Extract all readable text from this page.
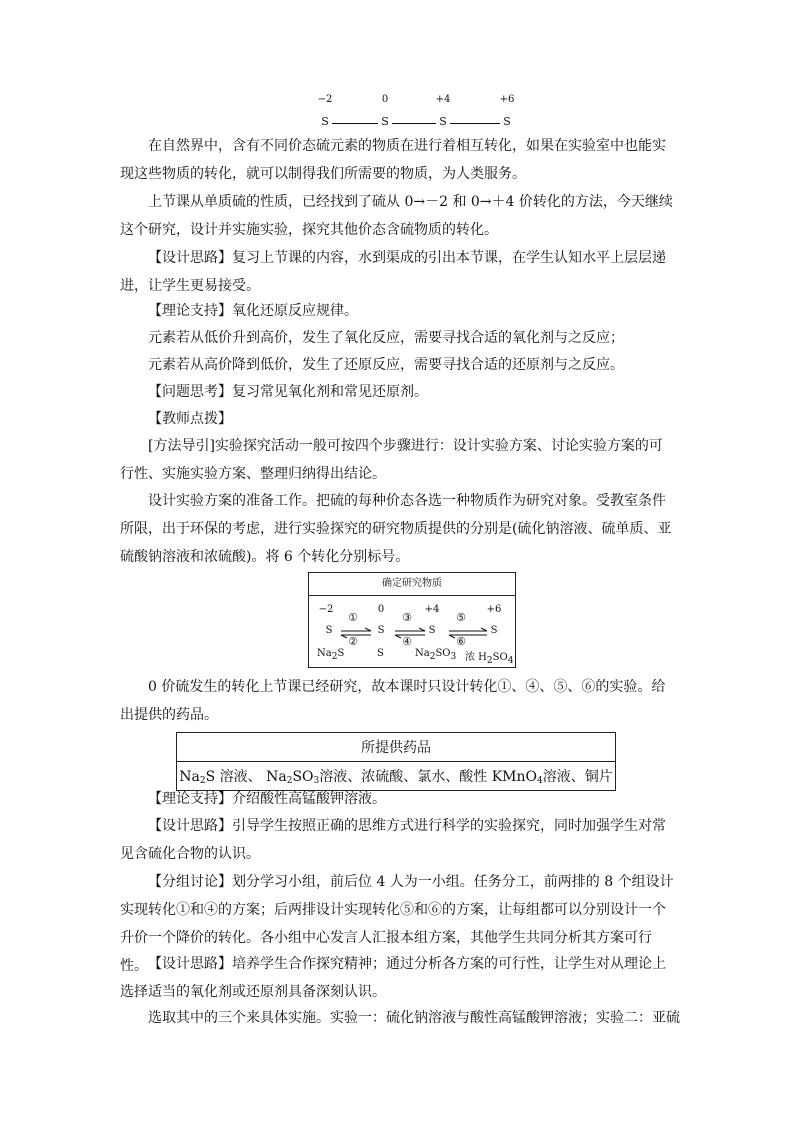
−2	0	+4	+6
S	S	S	S

在自然界中，含有不同价态硫元素的物质在进行着相互转化，如果在实验室中也能实现这些物质的转化，就可以制得我们所需要的物质，为人类服务。

上节课从单质硫的性质，已经找到了硫从 0→－2 和 0→＋4 价转化的方法，今天继续这个研究，设计并实施实验，探究其他价态含硫物质的转化。

【设计思路】复习上节课的内容，水到渠成的引出本节课，在学生认知水平上层层递进，让学生更易接受。

【理论支持】氧化还原反应规律。

元素若从低价升到高价，发生了氧化反应，需要寻找合适的氧化剂与之反应；

元素若从高价降到低价，发生了还原反应，需要寻找合适的还原剂与之反应。

【问题思考】复习常见氧化剂和常见还原剂。

【教师点拨】

[方法导引]实验探究活动一般可按四个步骤进行：设计实验方案、讨论实验方案的可行性、实施实验方案、整理归纳得出结论。

设计实验方案的准备工作。把硫的每种价态各选一种物质作为研究对象。受教室条件所限，出于环保的考虑，进行实验探究的研究物质提供的分别是(硫化钠溶液、硫单质、亚硫酸钠溶液和浓硫酸)。将 6 个转化分别标号。

确定研究物质
−2	0	+4	+6
S	S	S	S
①	③	⑤
②	④	⑥
$Na_2S$	S	$Na_2SO_3$ 浓 $H_2SO_4$

0 价硫发生的转化上节课已经研究，故本课时只设计转化①、④、⑤、⑥的实验。给出提供的药品。

所提供药品
$Na_2S$ 溶液、 $Na_2SO_3$溶液、浓硫酸、氯水、酸性 KMnO$_4$溶液、铜片

【理论支持】介绍酸性高锰酸钾溶液。

【设计思路】引导学生按照正确的思维方式进行科学的实验探究，同时加强学生对常见含硫化合物的认识。

【分组讨论】划分学习小组，前后位 4 人为一小组。任务分工，前两排的 8 个组设计实现转化①和④的方案；后两排设计实现转化⑤和⑥的方案，让每组都可以分别设计一个升价一个降价的转化。各小组中心发言人汇报本组方案，其他学生共同分析其方案可行性。 【设计思路】培养学生合作探究精神；通过分析各方案的可行性，让学生对从理论上选择适当的氧化剂或还原剂具备深刻认识。

选取其中的三个来具体实施。实验一：硫化钠溶液与酸性高锰酸钾溶液；实验二：亚硫
